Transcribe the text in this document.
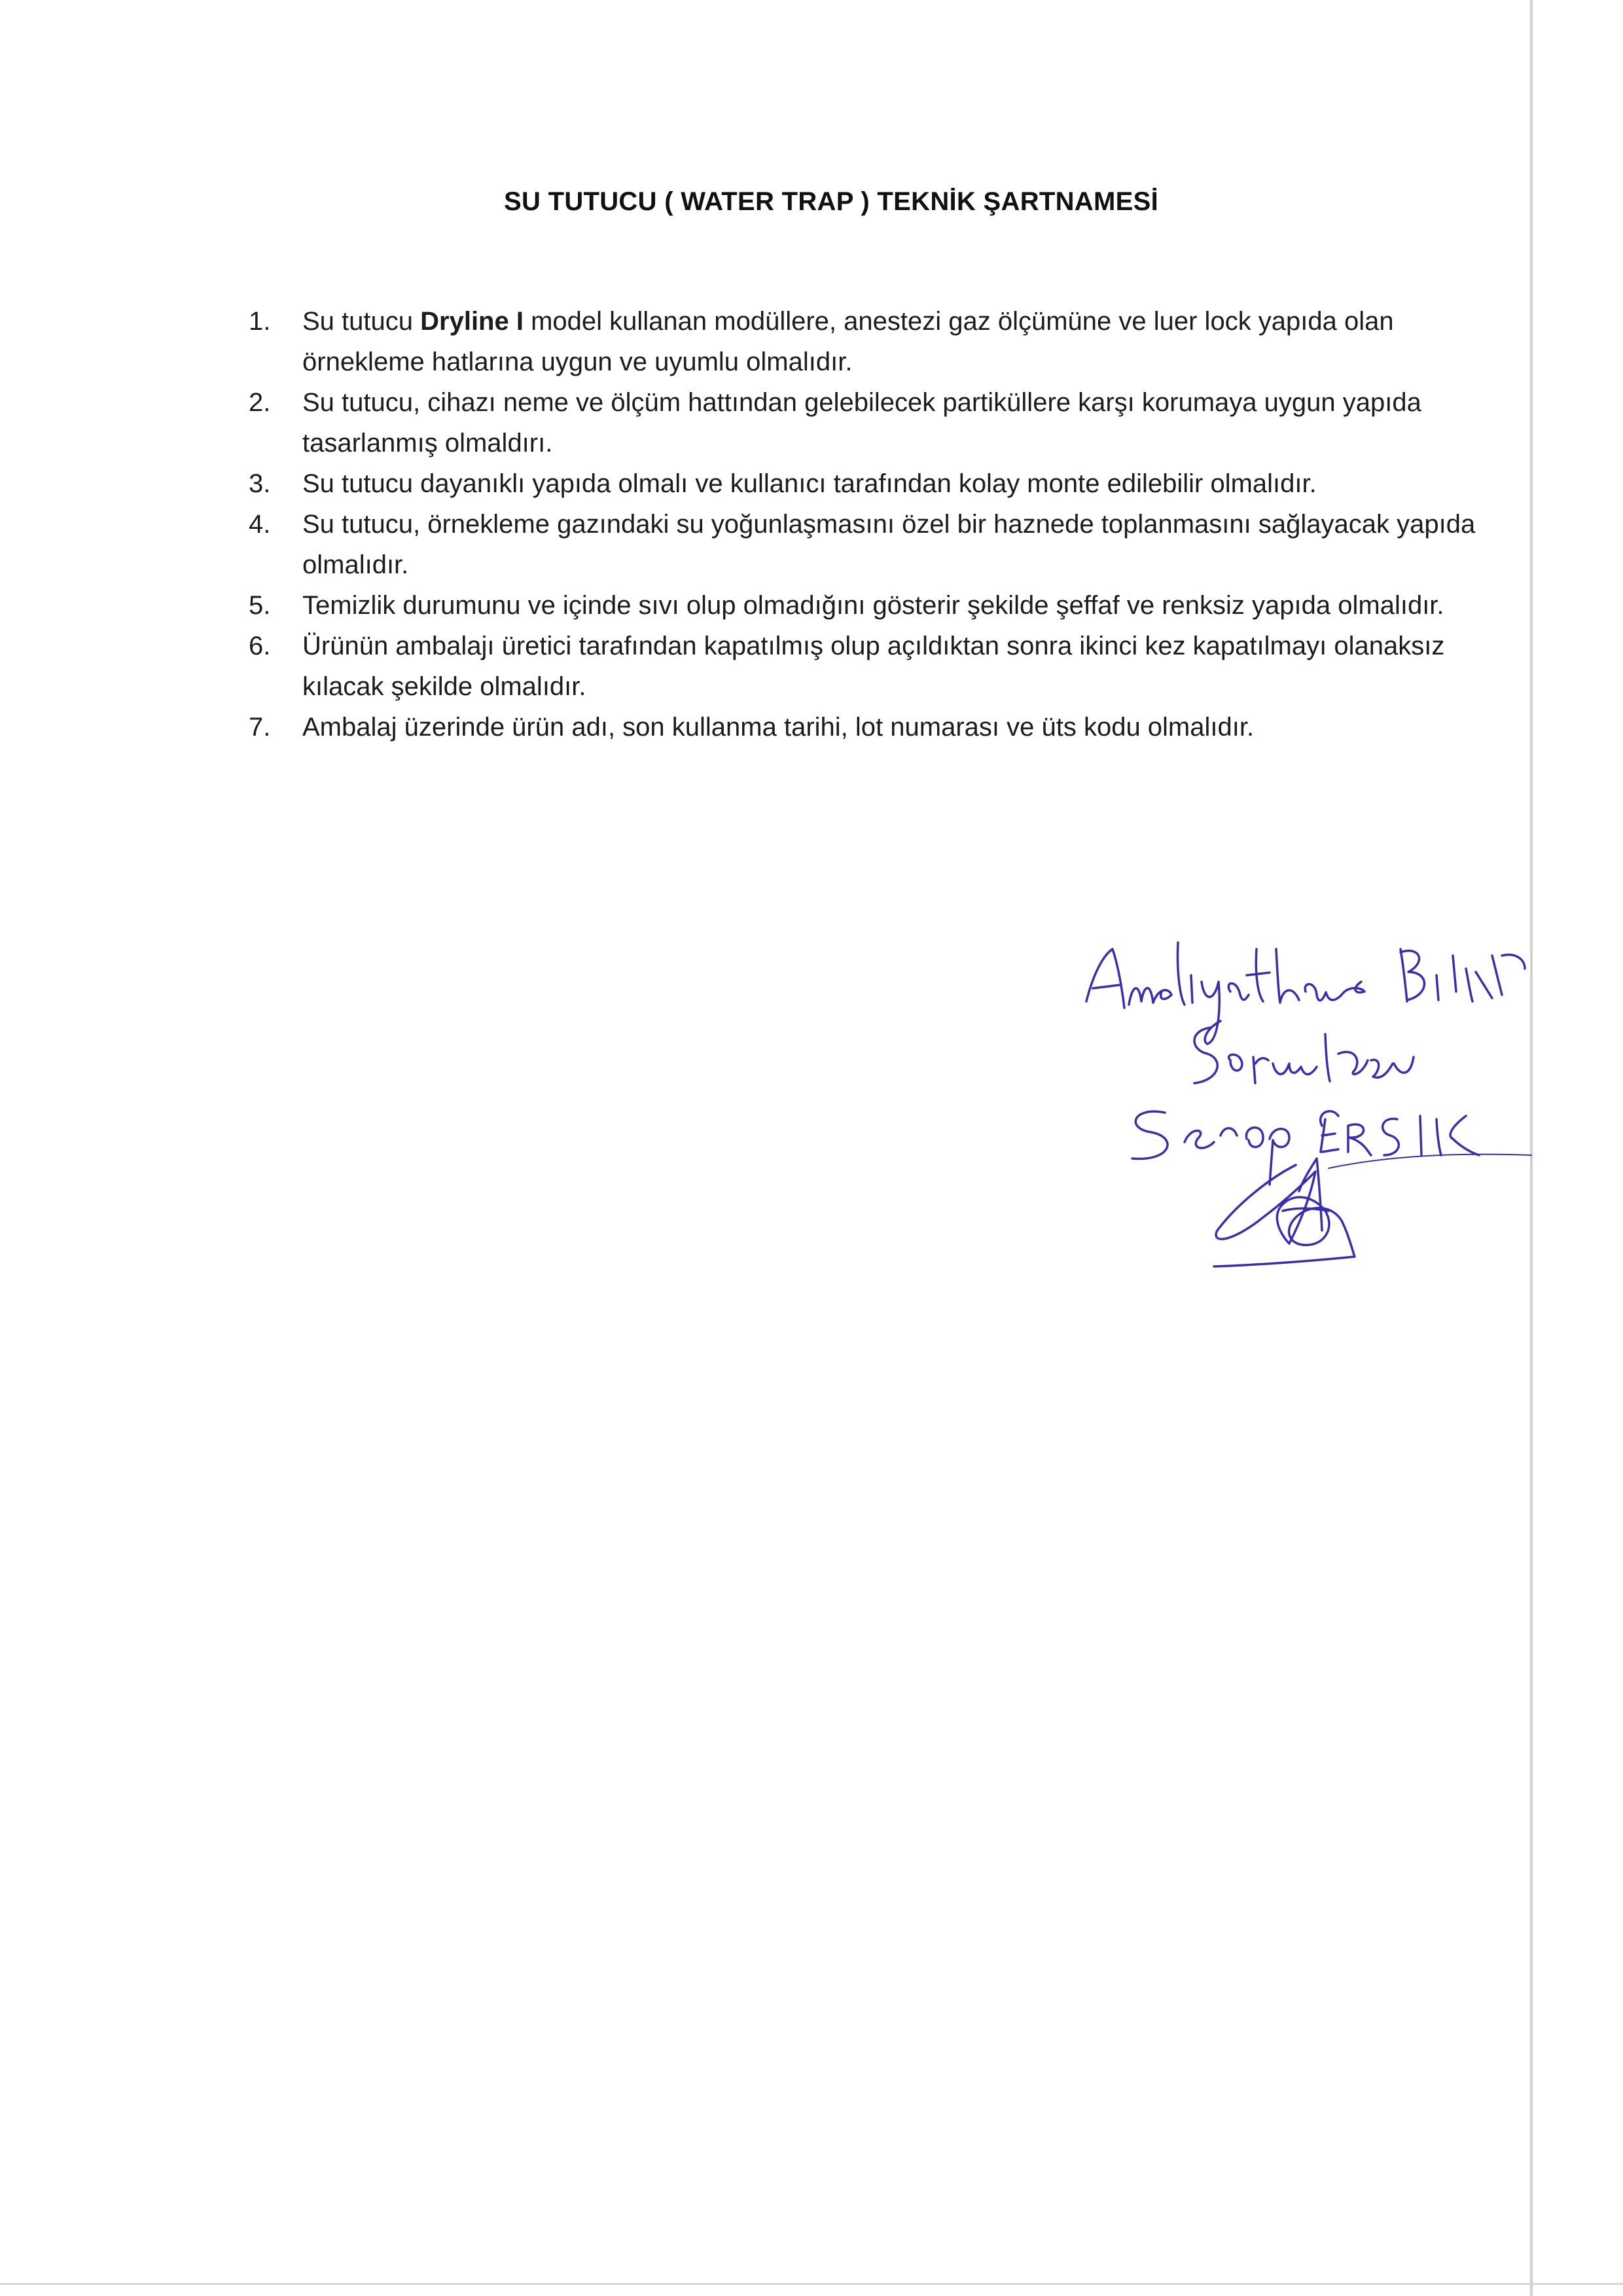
SU TUTUCU ( WATER TRAP ) TEKNİK ŞARTNAMESİ
1.	Su tutucu Dryline I model kullanan modüllere, anestezi gaz ölçümüne ve luer lock yapıda olan örnekleme hatlarına uygun ve uyumlu olmalıdır.
2.	Su tutucu, cihazı neme ve ölçüm hattından gelebilecek partiküllere karşı korumaya uygun yapıda tasarlanmış olmaldırı.
3.	Su tutucu dayanıklı yapıda olmalı ve kullanıcı tarafından kolay monte edilebilir olmalıdır.
4.	Su tutucu, örnekleme gazındaki su yoğunlaşmasını özel bir haznede toplanmasını sağlayacak yapıda olmalıdır.
5.	Temizlik durumunu ve içinde sıvı olup olmadığını gösterir şekilde şeffaf ve renksiz yapıda olmalıdır.
6.	Ürünün ambalajı üretici tarafından kapatılmış olup açıldıktan sonra ikinci kez kapatılmayı olanaksız kılacak şekilde olmalıdır.
7.	Ambalaj üzerinde ürün adı, son kullanma tarihi, lot numarası ve üts kodu olmalıdır.
